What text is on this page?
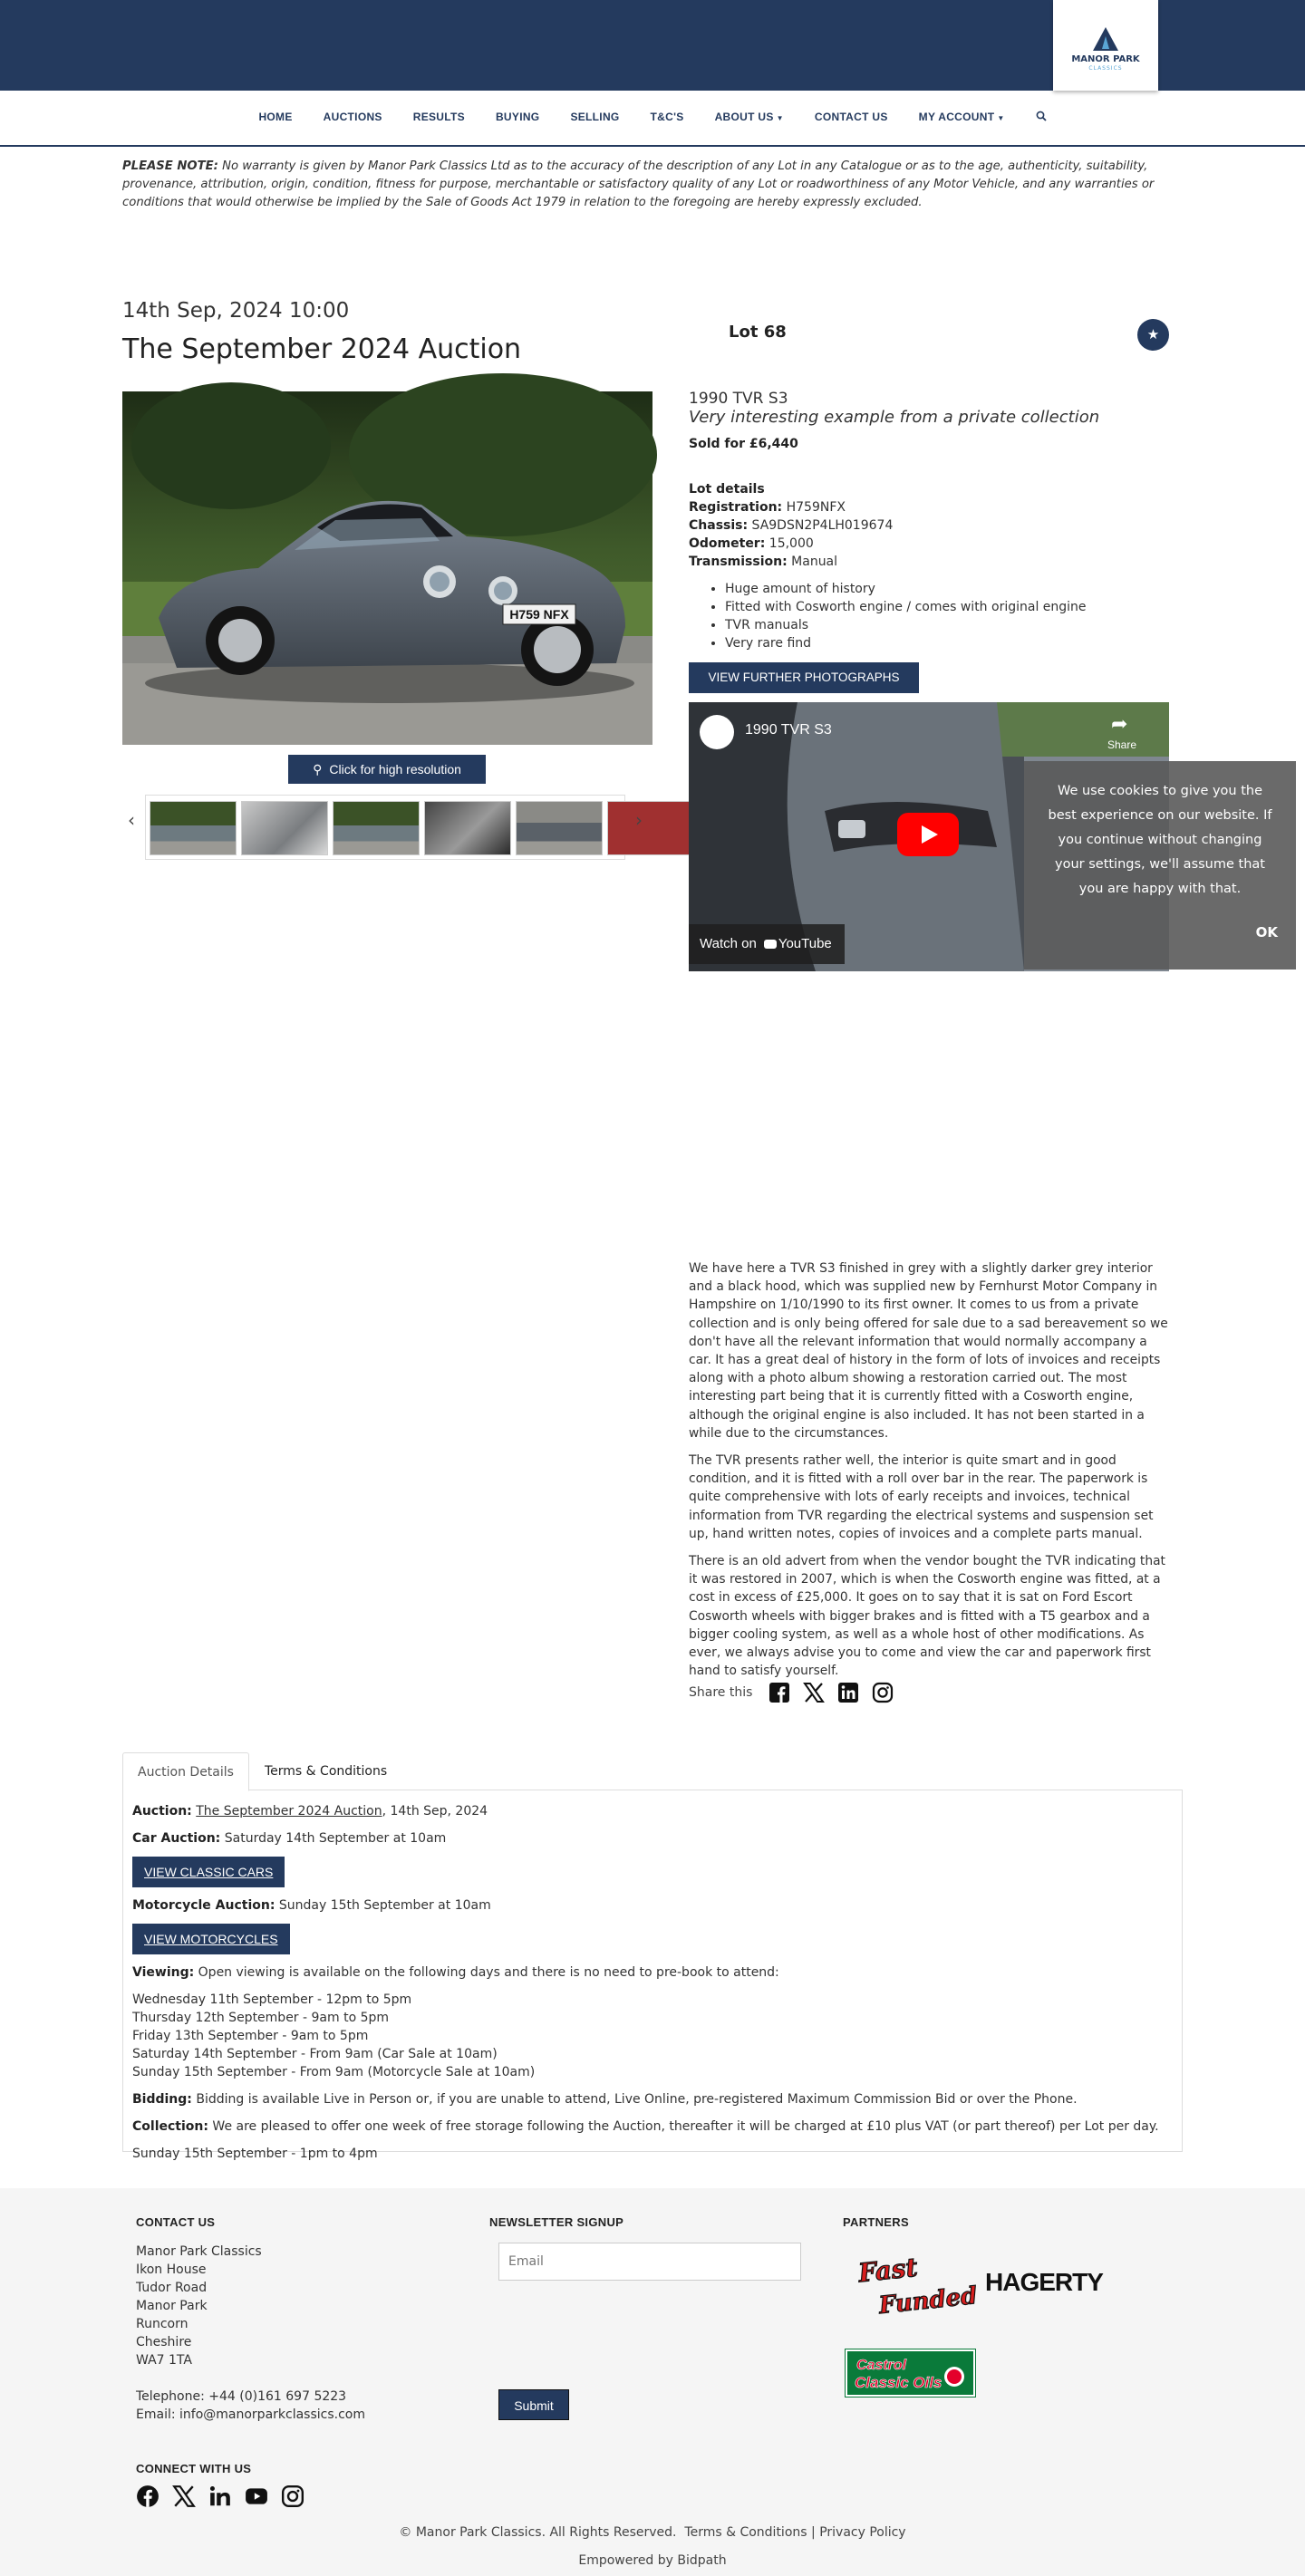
MANOR PARK
CLASSICS
HOME	AUCTIONS	RESULTS	BUYING	SELLING	T&C'S	ABOUT US ▼	CONTACT US	MY ACCOUNT ▼

PLEASE NOTE: No warranty is given by Manor Park Classics Ltd as to the accuracy of the description of any Lot in any Catalogue or as to the age, authenticity, suitability, provenance, attribution, origin, condition, fitness for purpose, merchantable or satisfactory quality of any Lot or roadworthiness of any Motor Vehicle, and any warranties or conditions that would otherwise be implied by the Sale of Goods Act 1979 in relation to the foregoing are hereby expressly excluded.

14th Sep, 2024 10:00
The September 2024 Auction
Lot 68	★
H759 NFX
⚲ Click for high resolution
‹	›
1990 TVR S3
Very interesting example from a private collection
Sold for £6,440
Lot details
Registration: H759NFX
Chassis: SA9DSN2P4LH019674
Odometer: 15,000
Transmission: Manual
• Huge amount of history
• Fitted with Cosworth engine / comes with original engine
• TVR manuals
• Very rare find
VIEW FURTHER PHOTOGRAPHS
1990 TVR S3	➦
Share
Watch on YouTube
We use cookies to give you the best experience on our website. If you continue without changing your settings, we'll assume that you are happy with that.
OK

We have here a TVR S3 finished in grey with a slightly darker grey interior and a black hood, which was supplied new by Fernhurst Motor Company in Hampshire on 1/10/1990 to its first owner. It comes to us from a private collection and is only being offered for sale due to a sad bereavement so we don't have all the relevant information that would normally accompany a car. It has a great deal of history in the form of lots of invoices and receipts along with a photo album showing a restoration carried out. The most interesting part being that it is currently fitted with a Cosworth engine, although the original engine is also included. It has not been started in a while due to the circumstances.

The TVR presents rather well, the interior is quite smart and in good condition, and it is fitted with a roll over bar in the rear. The paperwork is quite comprehensive with lots of early receipts and invoices, technical information from TVR regarding the electrical systems and suspension set up, hand written notes, copies of invoices and a complete parts manual.

There is an old advert from when the vendor bought the TVR indicating that it was restored in 2007, which is when the Cosworth engine was fitted, at a cost in excess of £25,000. It goes on to say that it is sat on Ford Escort Cosworth wheels with bigger brakes and is fitted with a T5 gearbox and a bigger cooling system, as well as a whole host of other modifications. As ever, we always advise you to come and view the car and paperwork first hand to satisfy yourself.

Share this
Auction Details	Terms & Conditions

Auction: The September 2024 Auction, 14th Sep, 2024

Car Auction: Saturday 14th September at 10am

VIEW CLASSIC CARS

Motorcycle Auction: Sunday 15th September at 10am

VIEW MOTORCYCLES

Viewing: Open viewing is available on the following days and there is no need to pre-book to attend:

Wednesday 11th September - 12pm to 5pm
Thursday 12th September - 9am to 5pm
Friday 13th September - 9am to 5pm
Saturday 14th September - From 9am (Car Sale at 10am)
Sunday 15th September - From 9am (Motorcycle Sale at 10am)

Bidding: Bidding is available Live in Person or, if you are unable to attend, Live Online, pre-registered Maximum Commission Bid or over the Phone.

Collection: We are pleased to offer one week of free storage following the Auction, thereafter it will be charged at £10 plus VAT (or part thereof) per Lot per day.

Sunday 15th September - 1pm to 4pm

CONTACT US
Manor Park Classics
Ikon House
Tudor Road
Manor Park
Runcorn
Cheshire
WA7 1TA
Telephone: +44 (0)161 697 5223
Email: info@manorparkclassics.com
NEWSLETTER SIGNUP
Email
Submit
PARTNERS
Fast
Funded
HAGERTY
Castrol
Classic Oils
CONNECT WITH US
© Manor Park Classics. All Rights Reserved. Terms & Conditions | Privacy Policy
Empowered by Bidpath
